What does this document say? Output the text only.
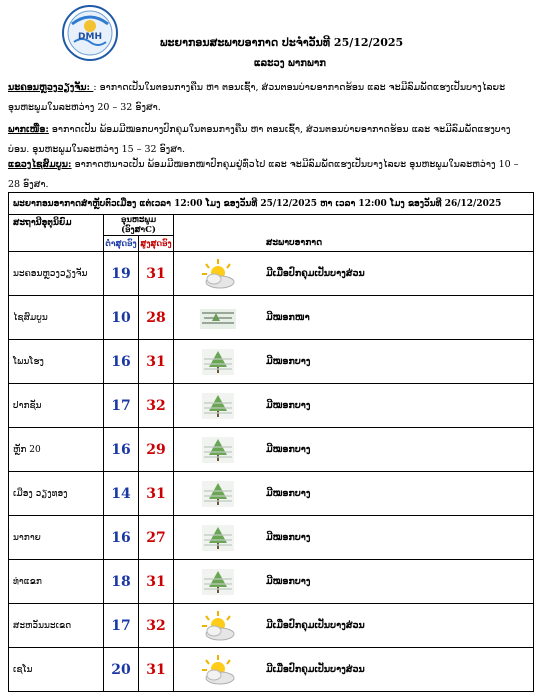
DMH	ພະຍາກອນສະພາບອາກາດ ປະຈຳວັນທີ 25/12/2025
ແລະວງ ພາກພາກ
ນະຄອນຫຼວງວຽງຈັນ: : ອາກາດເປັນໃນຕອນກາງຄືນ ຫາ ຕອນເຊົ້າ, ສ່ວນຕອນບ່າຍອາກາດຮ້ອນ ແລະ ຈະມີລົມພັດແຮງເປັນບາງໄລຍະ ອຸນຫະພູມໃນລະຫວ່າງ 20 – 32 ອົງສາ.
ພາກເໜືອ: ອາກາດເປັນ ພ້ອມມີໝອກບາງປົກຄຸມໃນຕອນກາງຄືນ ຫາ ຕອນເຊົ້າ, ສ່ວນຕອນບ່າຍອາກາດຮ້ອນ ແລະ ຈະມີລົມພັດແຮງບາງບ່ອນ. ອຸນຫະພູມໃນລະຫວ່າງ 15 – 32 ອົງສາ.
ແຂວງໄຊສົມບູນ: ອາກາດຫນາວເປັນ ພ້ອມມີໝອກໜາປົກຄຸມຢູ່ທົ່ວໄປ ແລະ ຈະມີລົມພັດແຮງເປັນບາງໄລຍະ ອຸນຫະພູມໃນລະຫວ່າງ 10 – 28 ອົງສາ.
ພະຍາກອນອາກາດສຳຫຼັບຕົວເມືອງ ແຕ່ເວລາ 12:00 ໂມງ ຂອງວັນທີ 25/12/2025 ຫາ ເວລາ 12:00 ໂມງ ຂອງວັນທີ 26/12/2025				
ສະຖານີອຸຕຸນິຍົມ	ອຸນຫະພູມ (ອົງສາC)			ສະພາບອາກາດ
	ຕ່ຳສຸດອົງ	ສູງສຸດອົງ		
ນະຄອນຫຼວງວຽງຈັນ	19	31		ມີເມືອປົກຄຸມເປັນບາງສ່ວນ
ໄຊສົມບູນ	10	28		ມີໝອກໜາ
ໂພນໂຮງ	16	31		ມີໝອກບາງ
ປາກຊັນ	17	32		ມີໝອກບາງ
ຫຼັກ 20	16	29		ມີໝອກບາງ
ເມືອງ ວຽງທອງ	14	31		ມີໝອກບາງ
ນາກາຍ	16	27		ມີໝອກບາງ
ທ່າແຂກ	18	31		ມີໝອກບາງ
ສະຫວັນນະເຂດ	17	32		ມີເມືອປົກຄຸມເປັນບາງສ່ວນ
ເຊໂນ	20	31		ມີເມືອປົກຄຸມເປັນບາງສ່ວນ
